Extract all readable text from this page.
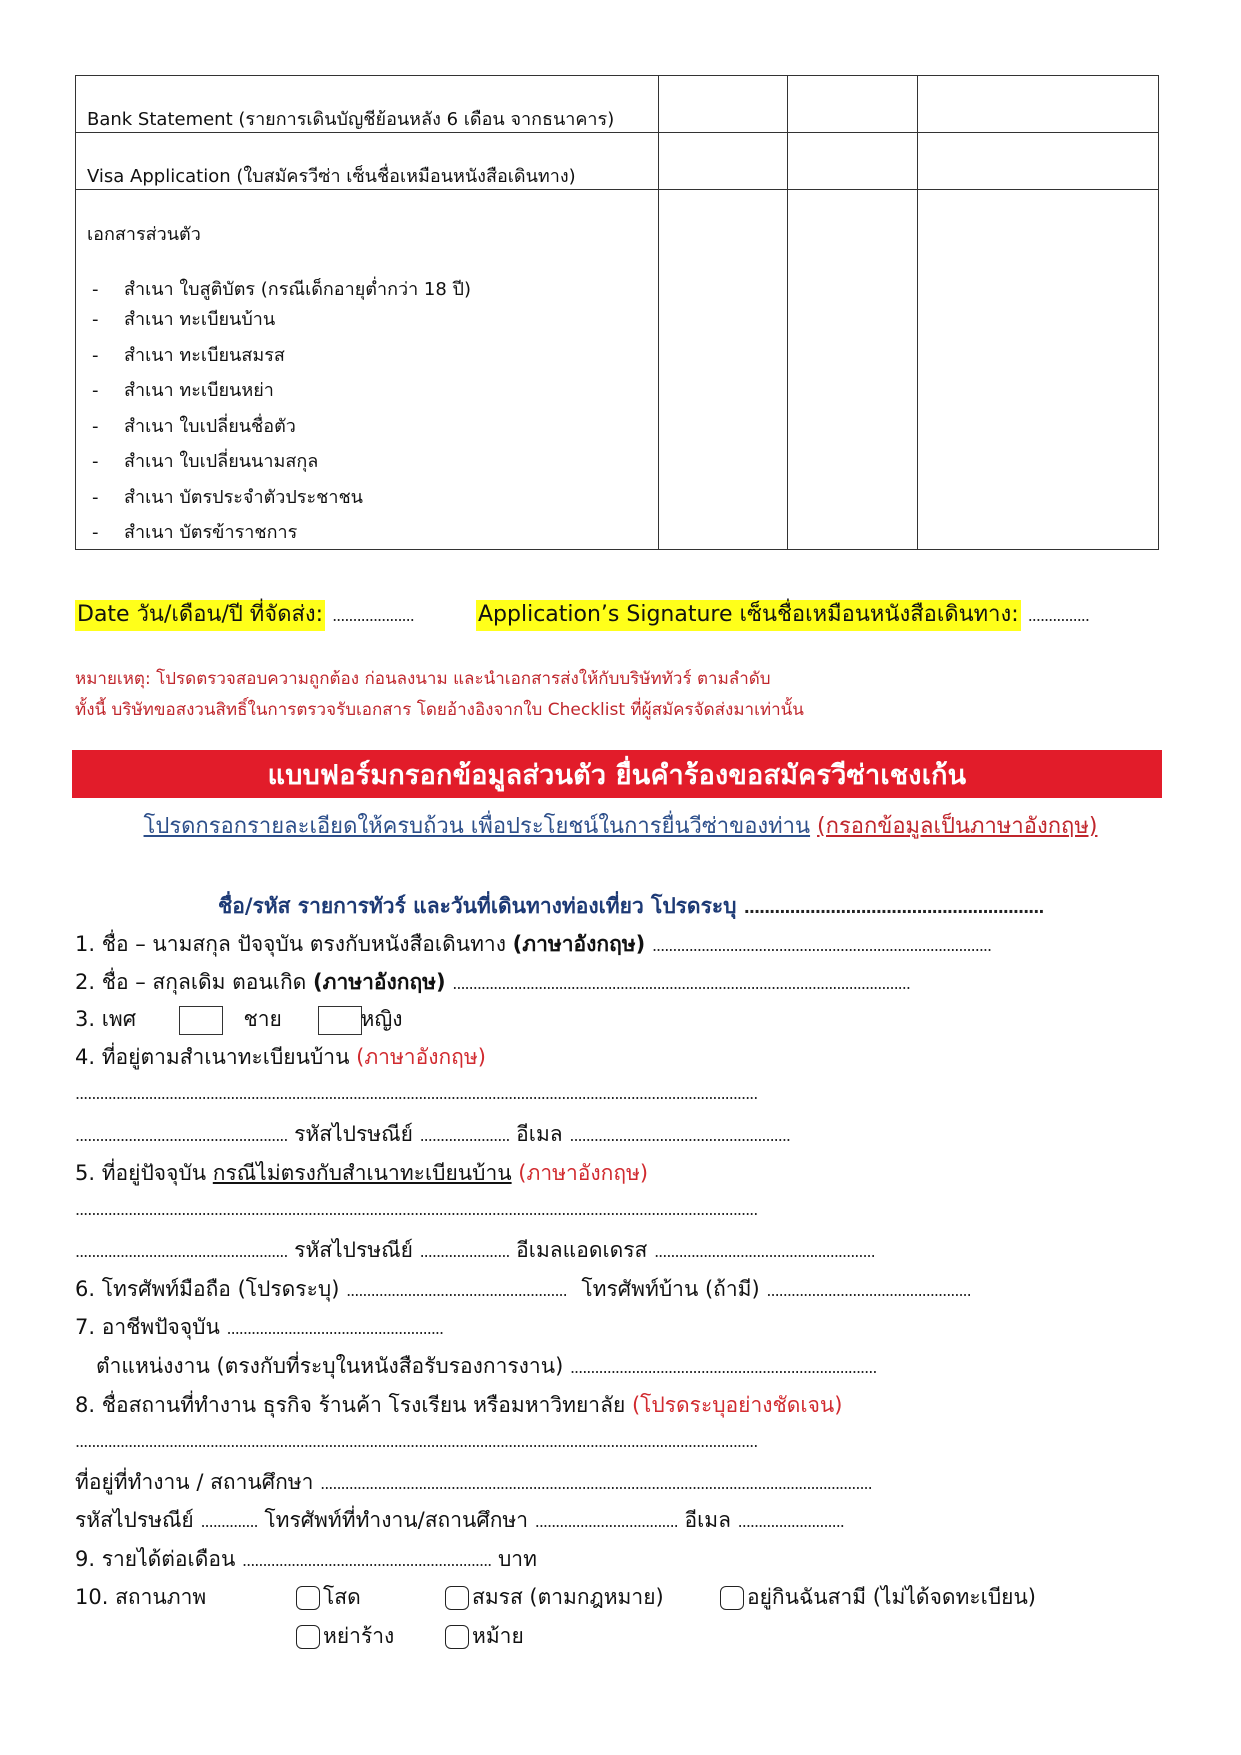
Bank Statement (รายการเดินบัญชีย้อนหลัง 6 เดือน จากธนาคาร)
Visa Application (ใบสมัครวีซ่า เซ็นชื่อเหมือนหนังสือเดินทาง)
เอกสารส่วนตัว
- สำเนา ใบสูติบัตร (กรณีเด็กอายุต่ำกว่า 18 ปี)
- สำเนา ทะเบียนบ้าน
- สำเนา ทะเบียนสมรส
- สำเนา ทะเบียนหย่า
- สำเนา ใบเปลี่ยนชื่อตัว
- สำเนา ใบเปลี่ยนนามสกุล
- สำเนา บัตรประจำตัวประชาชน
- สำเนา บัตรข้าราชการ
Date วัน/เดือน/ปี ที่จัดส่ง: ....................	Application’s Signature เซ็นชื่อเหมือนหนังสือเดินทาง: ...............
หมายเหตุ: โปรดตรวจสอบความถูกต้อง ก่อนลงนาม และนำเอกสารส่งให้กับบริษัททัวร์ ตามลำดับ
ทั้งนี้ บริษัทขอสงวนสิทธิ์ในการตรวจรับเอกสาร โดยอ้างอิงจากใบ Checklist ที่ผู้สมัครจัดส่งมาเท่านั้น
แบบฟอร์มกรอกข้อมูลส่วนตัว ยื่นคำร้องขอสมัครวีซ่าเชงเก้น
โปรดกรอกรายละเอียดให้ครบถ้วน เพื่อประโยชน์ในการยื่นวีซ่าของท่าน (กรอกข้อมูลเป็นภาษาอังกฤษ)
ชื่อ/รหัส รายการทัวร์ และวันที่เดินทางท่องเที่ยว โปรดระบุ ...........................................................
1. ชื่อ – นามสกุล ปัจจุบัน ตรงกับหนังสือเดินทาง (ภาษาอังกฤษ) ...................................................................................
2. ชื่อ – สกุลเดิม ตอนเกิด (ภาษาอังกฤษ) ................................................................................................................
3. เพศ	ชาย	หญิง
4. ที่อยู่ตามสำเนาทะเบียนบ้าน (ภาษาอังกฤษ)
.......................................................................................................................................................................
.................................................... รหัสไปรษณีย์ ...................... อีเมล ......................................................
5. ที่อยู่ปัจจุบัน กรณีไม่ตรงกับสำเนาทะเบียนบ้าน (ภาษาอังกฤษ)
.......................................................................................................................................................................
.................................................... รหัสไปรษณีย์ ...................... อีเมลแอดเดรส ......................................................
6. โทรศัพท์มือถือ (โปรดระบุ) ...................................................... โทรศัพท์บ้าน (ถ้ามี) ..................................................
7. อาชีพปัจจุบัน .....................................................
ตำแหน่งงาน (ตรงกับที่ระบุในหนังสือรับรองการงาน) ...........................................................................
8. ชื่อสถานที่ทำงาน ธุรกิจ ร้านค้า โรงเรียน หรือมหาวิทยาลัย (โปรดระบุอย่างชัดเจน)
.......................................................................................................................................................................
ที่อยู่ที่ทำงาน / สถานศึกษา .......................................................................................................................................
รหัสไปรษณีย์ .............. โทรศัพท์ที่ทำงาน/สถานศึกษา ................................... อีเมล ..........................
9. รายได้ต่อเดือน ............................................................. บาท
10. สถานภาพ	โสด	สมรส (ตามกฎหมาย)	อยู่กินฉันสามี (ไม่ได้จดทะเบียน)
หย่าร้าง	หม้าย
